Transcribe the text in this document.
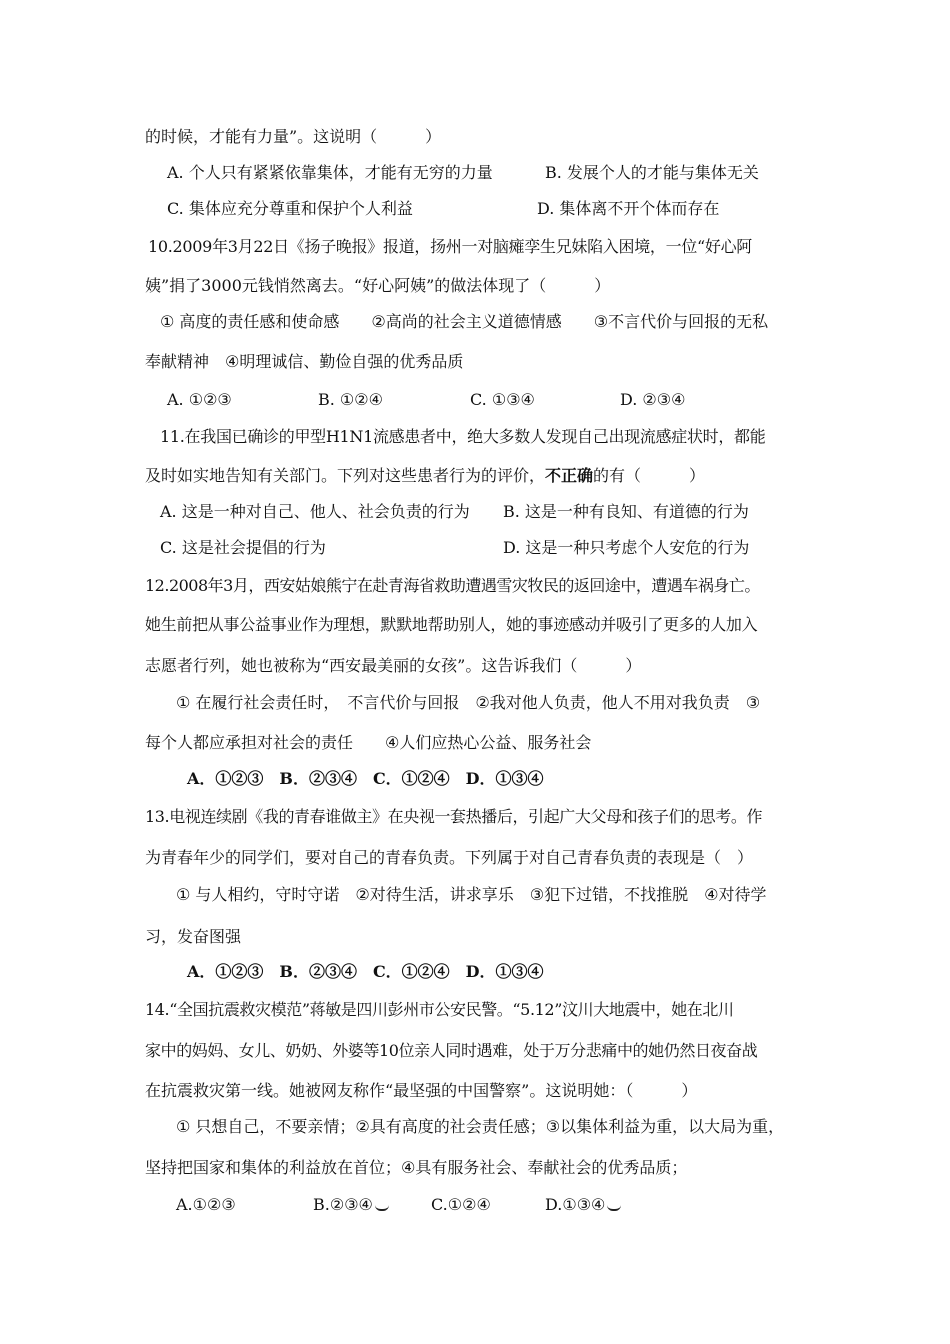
的时候，才能有力量”。这说明（　　　）
A. 个人只有紧紧依靠集体，才能有无穷的力量	B. 发展个人的才能与集体无关
C. 集体应充分尊重和保护个人利益	D. 集体离不开个体而存在
10.2009年3月22日《扬子晚报》报道，扬州一对脑瘫孪生兄妹陷入困境，一位“好心阿
姨”捐了3000元钱悄然离去。“好心阿姨”的做法体现了（　　　）
① 高度的责任感和使命感　　②高尚的社会主义道德情感　　③不言代价与回报的无私
奉献精神　④明理诚信、勤俭自强的优秀品质
A. ①②③	B. ①②④	C. ①③④	D. ②③④
11.在我国已确诊的甲型H1N1流感患者中，绝大多数人发现自己出现流感症状时，都能
及时如实地告知有关部门。下列对这些患者行为的评价，不正确的有（　　　）
A. 这是一种对自己、他人、社会负责的行为 B. 这是一种有良知、有道德的行为
C. 这是社会提倡的行为	D. 这是一种只考虑个人安危的行为
12.2008年3月，西安姑娘熊宁在赴青海省救助遭遇雪灾牧民的返回途中，遭遇车祸身亡。
她生前把从事公益事业作为理想，默默地帮助别人，她的事迹感动并吸引了更多的人加入
志愿者行列，她也被称为“西安最美丽的女孩”。这告诉我们（　　　）
① 在履行社会责任时，　不言代价与回报　②我对他人负责，他人不用对我负责　③
每个人都应承担对社会的责任　　④人们应热心公益、服务社会
A．①②③　B．②③④　C．①②④　D．①③④
13.电视连续剧《我的青春谁做主》在央视一套热播后，引起广大父母和孩子们的思考。作
为青春年少的同学们，要对自己的青春负责。下列属于对自己青春负责的表现是（　）
① 与人相约，守时守诺　②对待生活，讲求享乐　③犯下过错，不找推脱　④对待学
习，发奋图强
A．①②③　B．②③④　C．①②④　D．①③④
14.“全国抗震救灾模范”蒋敏是四川彭州市公安民警。“5.12”汶川大地震中，她在北川
家中的妈妈、女儿、奶奶、外婆等10位亲人同时遇难，处于万分悲痛中的她仍然日夜奋战
在抗震救灾第一线。她被网友称作“最坚强的中国警察”。这说明她：（　　　）
① 只想自己，不要亲情；②具有高度的社会责任感；③以集体利益为重，以大局为重，
坚持把国家和集体的利益放在首位；④具有服务社会、奉献社会的优秀品质；
A.①②③	B.②③④	C.①②④	D.①③④
